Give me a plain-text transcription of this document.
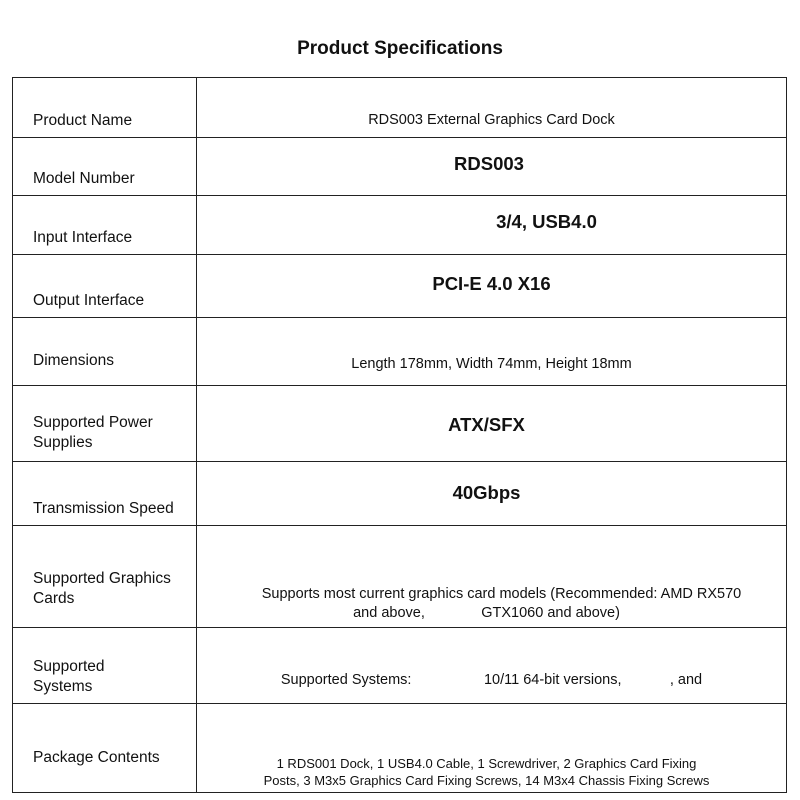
Product Specifications
Product Name	RDS003 External Graphics Card Dock

Model Number	RDS003

Input Interface	3/4, USB4.0

Output Interface	PCI-E 4.0 X16

Dimensions	Length 178mm, Width 74mm, Height 18mm

Supported Power
Supplies	ATX/SFX

Transmission Speed	40Gbps

Supported Graphics
Cards	Supports most current graphics card models (Recommended: AMD RX570
and above,              GTX1060 and above)

Supported
Systems	Supported Systems:                  10/11 64-bit versions,            , and

Package Contents	1 RDS001 Dock, 1 USB4.0 Cable, 1 Screwdriver, 2 Graphics Card Fixing
Posts, 3 M3x5 Graphics Card Fixing Screws, 14 M3x4 Chassis Fixing Screws
